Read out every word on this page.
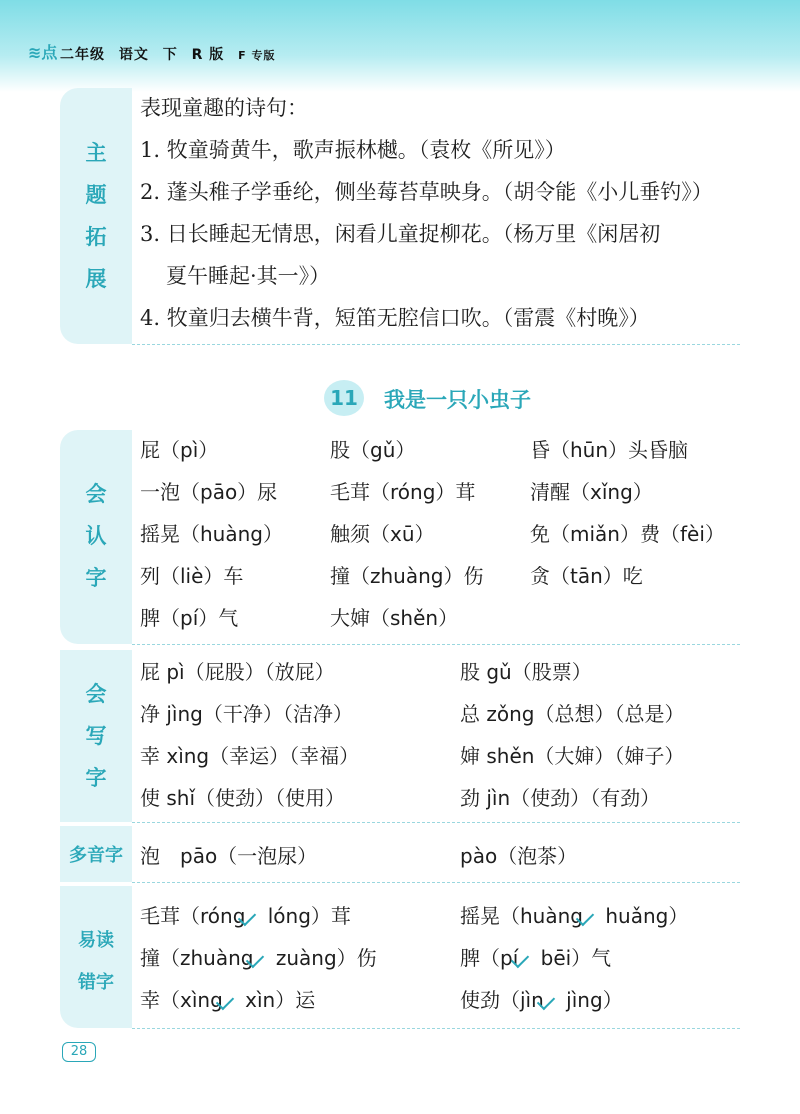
≋点 二年级 语文 下 R 版 F 专版
主
题
拓
展
表现童趣的诗句：
1. 牧童骑黄牛，歌声振林樾。（袁枚《所见》）
2. 蓬头稚子学垂纶，侧坐莓苔草映身。（胡令能《小儿垂钓》）
3. 日长睡起无情思，闲看儿童捉柳花。（杨万里《闲居初
夏午睡起·其一》）
4. 牧童归去横牛背，短笛无腔信口吹。（雷震《村晚》）
11 我是一只小虫子
会
认
字
屁（pì）	股（gǔ）	昏（hūn）头昏脑
一泡（pāo）尿	毛茸（róng）茸	清醒（xǐng）
摇晃（huàng） 触须（xū）	免（miǎn）费（fèi）
列（liè）车	撞（zhuàng）伤 贪（tān）吃
脾（pí）气	大婶（shěn）
会
写
字
屁 pì（屁股）（放屁）	股 gǔ（股票）
净 jìng（干净）（洁净）	总 zǒng（总想）（总是）
幸 xìng（幸运）（幸福）	婶 shěn（大婶）（婶子）
使 shǐ（使劲）（使用）	劲 jìn（使劲）（有劲）
多音字 泡　pāo（一泡尿）	pào（泡茶）
易读
错字
毛茸（róng lóng）茸	摇晃（huàng huǎng）
撞（zhuàng zuàng）伤	脾（pí bēi）气
幸（xìng xìn）运	使劲（jìn jìng）
28
